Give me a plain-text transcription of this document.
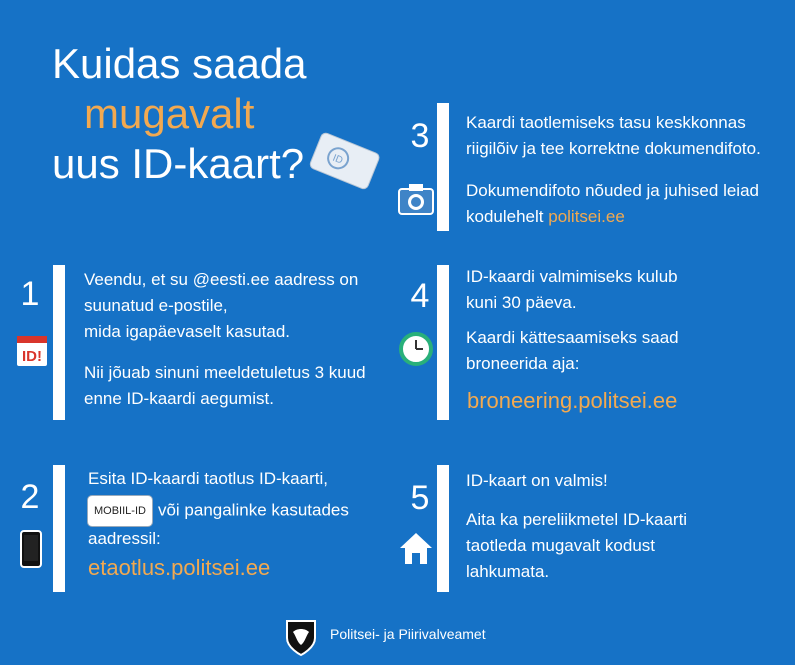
Kuidas saada
mugavalt
uus ID-kaart?	ID
3	Kaardi taotlemiseks tasu keskkonnas

riigilõiv ja tee korrektne dokumendifoto.

Dokumendifoto nõuded ja juhised leiad

kodulehelt politsei.ee

1
ID!

Veendu, et su @eesti.ee aadress on

suunatud e-postile,

mida igapäevaselt kasutad.

Nii jõuab sinuni meeldetuletus 3 kuud

enne ID-kaardi aegumist.

4

ID-kaardi valmimiseks kulub

kuni 30 päeva.

Kaardi kättesaamiseks saad

broneerida aja:

broneering.politsei.ee
2	Esita ID-kaardi taotlus ID-kaarti,

MOBIIL-ID või pangalinke kasutades

aadressil:

etaotlus.politsei.ee
5	ID-kaart on valmis!

Aita ka pereliikmetel ID-kaarti

taotleda mugavalt kodust

lahkumata.

Politsei- ja Piirivalveamet
